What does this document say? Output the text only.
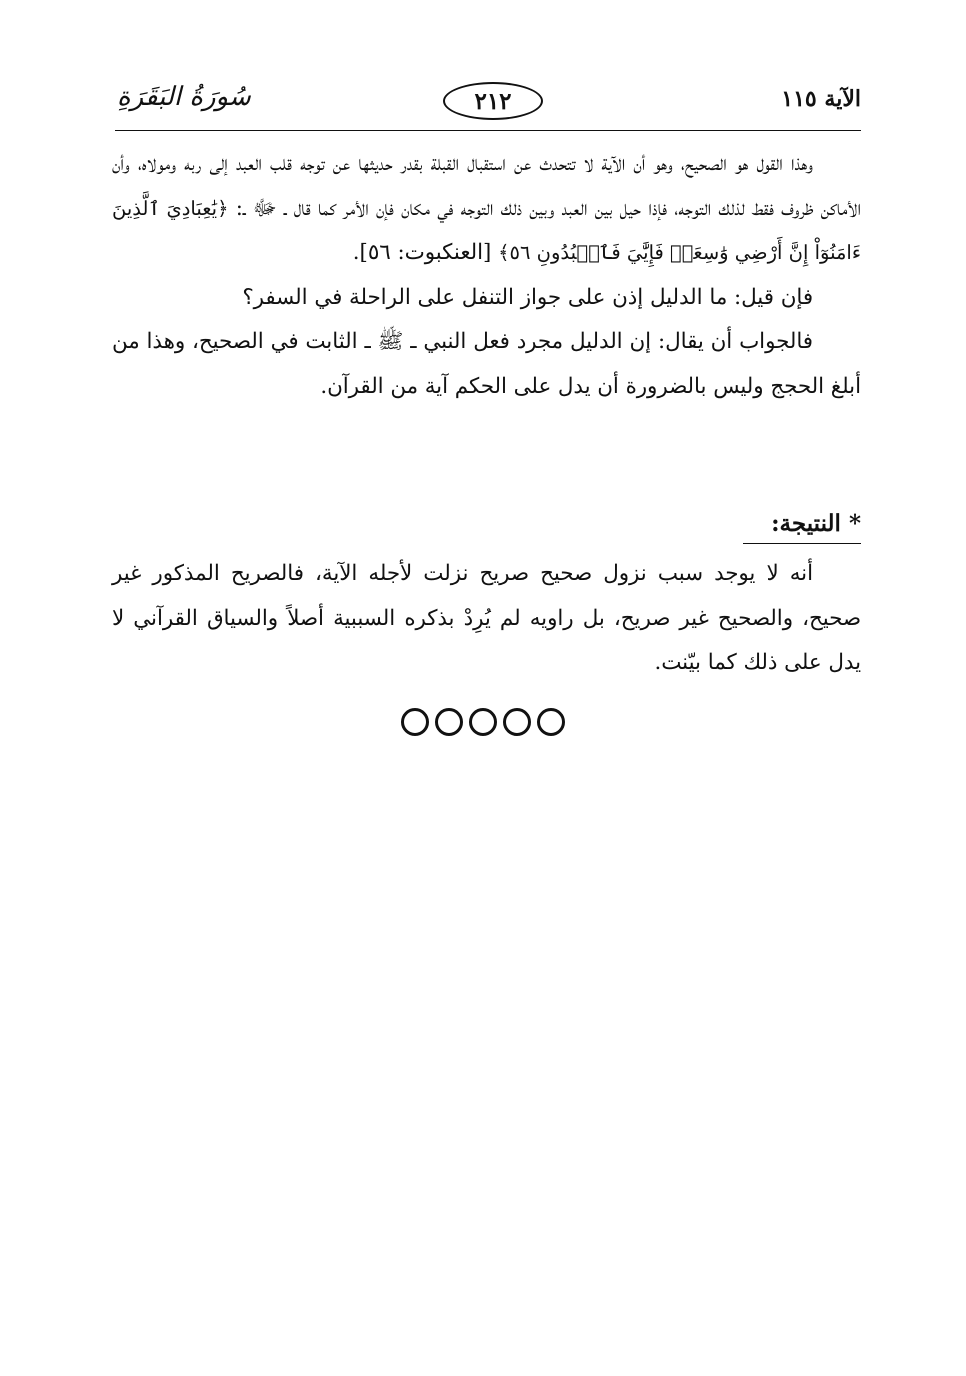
الآية ١١٥
٢١٢
سُورَةُ البَقَرَةِ

وهذا القول هو الصحيح، وهو أن الآية لا تتحدث عن استقبال القبلة بقدر حديثها عن توجه قلب العبد إلى ربه ومولاه، وأن الأماكن ظروف فقط لذلك التوجه، فإذا حيل بين العبد وبين ذلك التوجه في مكان فإن الأمر كما قال ـ ﷻ ـ: ﴿يَٰعِبَادِيَ ٱلَّذِينَ ءَامَنُوٓاْ إِنَّ أَرْضِي وَٰسِعَةٞ فَإِيَّٰيَ فَٱعۡبُدُونِ ٥٦﴾ [العنكبوت: ٥٦].

فإن قيل: ما الدليل إذن على جواز التنفل على الراحلة في السفر؟

فالجواب أن يقال: إن الدليل مجرد فعل النبي ـ ﷺ ـ الثابت في الصحيح، وهذا من أبلغ الحجج وليس بالضرورة أن يدل على الحكم آية من القرآن.

* النتيجة:

أنه لا يوجد سبب نزول صحيح صريح نزلت لأجله الآية، فالصريح المذكور غير صحيح، والصحيح غير صريح، بل راويه لم يُرِدْ بذكره السببية أصلاً والسياق القرآني لا يدل على ذلك كما بيّنت.
